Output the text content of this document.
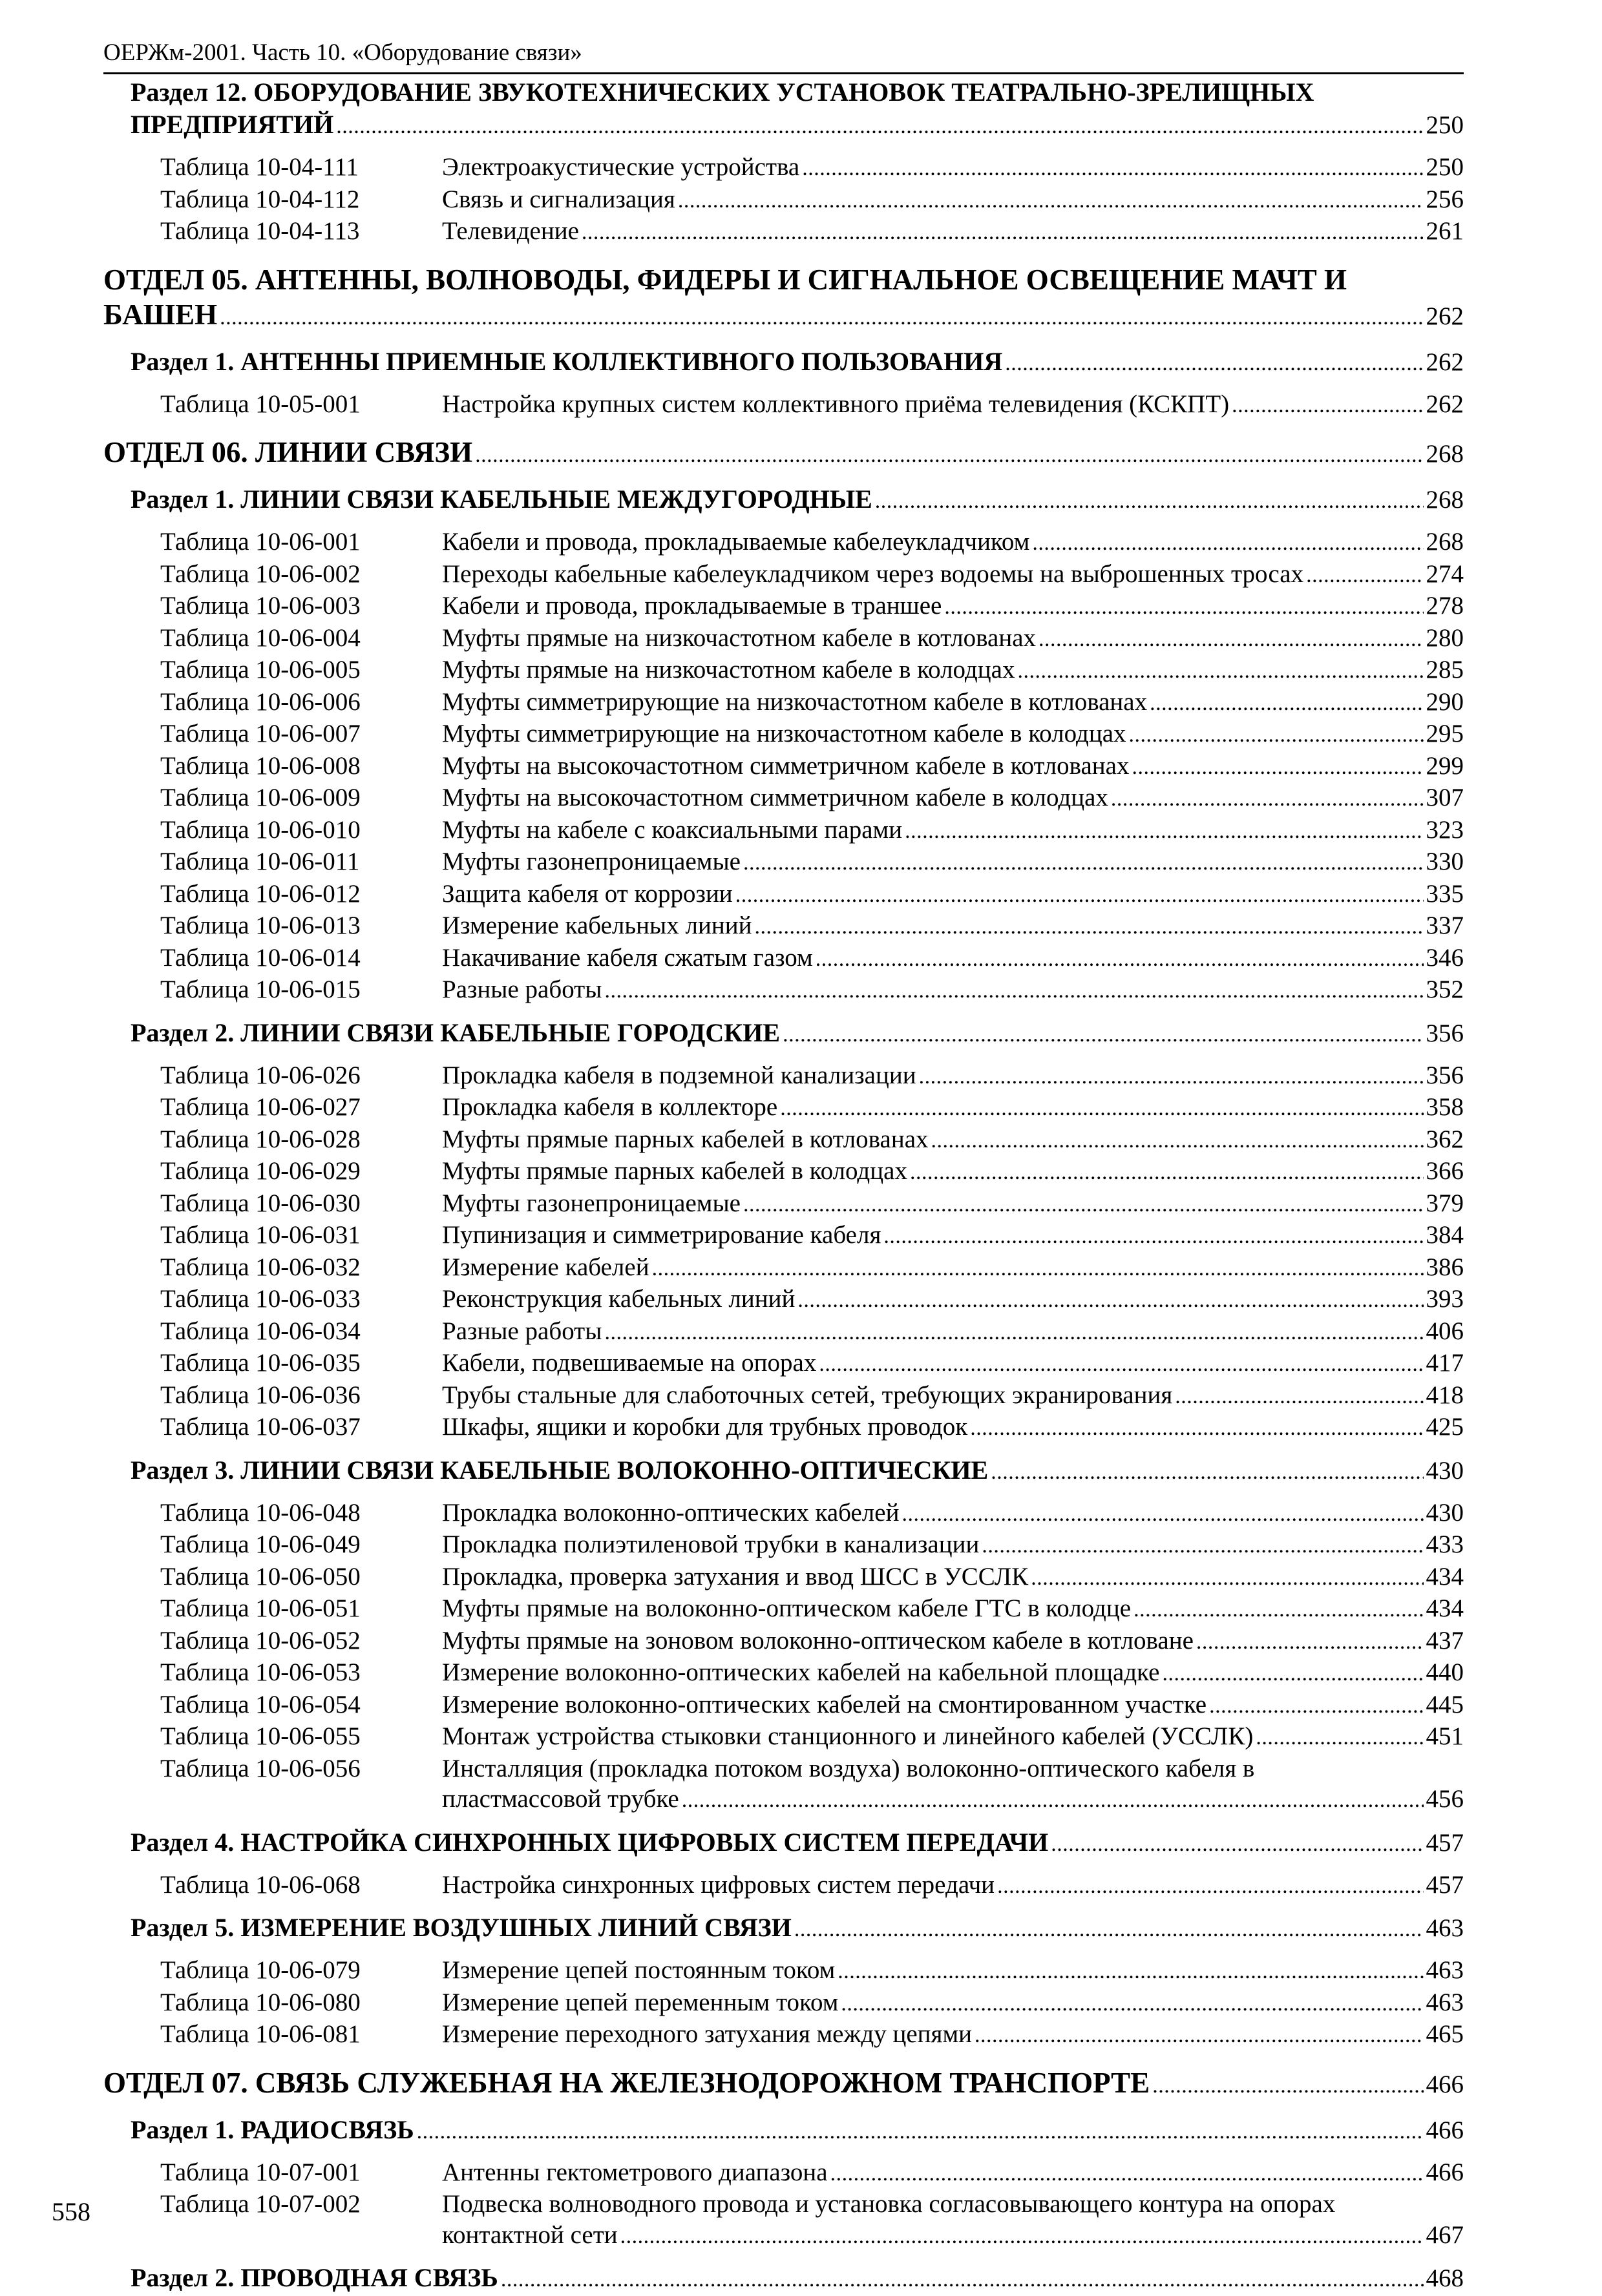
ОЕРЖм-2001. Часть 10. «Оборудование связи»
Раздел 12. ОБОРУДОВАНИЕ ЗВУКОТЕХНИЧЕСКИХ УСТАНОВОК ТЕАТРАЛЬНО-ЗРЕЛИЩНЫХ
ПРЕДПРИЯТИЙ . . .	250
Таблица 10-04-111	Электроакустические устройства . . .	250
Таблица 10-04-112	Связь и сигнализация . . .	256
Таблица 10-04-113	Телевидение . . .	261
ОТДЕЛ 05. АНТЕННЫ, ВОЛНОВОДЫ, ФИДЕРЫ И СИГНАЛЬНОЕ ОСВЕЩЕНИЕ МАЧТ И
БАШЕН . . .	262
Раздел 1. АНТЕННЫ ПРИЕМНЫЕ КОЛЛЕКТИВНОГО ПОЛЬЗОВАНИЯ . . .	262
Таблица 10-05-001	Настройка крупных систем коллективного приёма телевидения (КСКПТ) . . .	262
ОТДЕЛ 06. ЛИНИИ СВЯЗИ . . .	268
Раздел 1. ЛИНИИ СВЯЗИ КАБЕЛЬНЫЕ МЕЖДУГОРОДНЫЕ . . .	268
Таблица 10-06-001	Кабели и провода, прокладываемые кабелеукладчиком . . .	268
Таблица 10-06-002	Переходы кабельные кабелеукладчиком через водоемы на выброшенных тросах . . .	274
Таблица 10-06-003	Кабели и провода, прокладываемые в траншее . . .	278
Таблица 10-06-004	Муфты прямые на низкочастотном кабеле в котлованах . . .	280
Таблица 10-06-005	Муфты прямые на низкочастотном кабеле в колодцах . . .	285
Таблица 10-06-006	Муфты симметрирующие на низкочастотном кабеле в котлованах . . .	290
Таблица 10-06-007	Муфты симметрирующие на низкочастотном кабеле в колодцах . . .	295
Таблица 10-06-008	Муфты на высокочастотном симметричном кабеле в котлованах . . .	299
Таблица 10-06-009	Муфты на высокочастотном симметричном кабеле в колодцах . . .	307
Таблица 10-06-010	Муфты на кабеле с коаксиальными парами . . .	323
Таблица 10-06-011	Муфты газонепроницаемые . . .	330
Таблица 10-06-012	Защита кабеля от коррозии . . .	335
Таблица 10-06-013	Измерение кабельных линий . . .	337
Таблица 10-06-014	Накачивание кабеля сжатым газом . . .	346
Таблица 10-06-015	Разные работы . . .	352
Раздел 2. ЛИНИИ СВЯЗИ КАБЕЛЬНЫЕ ГОРОДСКИЕ . . .	356
Таблица 10-06-026	Прокладка кабеля в подземной канализации . . .	356
Таблица 10-06-027	Прокладка кабеля в коллекторе . . .	358
Таблица 10-06-028	Муфты прямые парных кабелей в котлованах . . .	362
Таблица 10-06-029	Муфты прямые парных кабелей в колодцах . . .	366
Таблица 10-06-030	Муфты газонепроницаемые . . .	379
Таблица 10-06-031	Пупинизация и симметрирование кабеля . . .	384
Таблица 10-06-032	Измерение кабелей . . .	386
Таблица 10-06-033	Реконструкция кабельных линий . . .	393
Таблица 10-06-034	Разные работы . . .	406
Таблица 10-06-035	Кабели, подвешиваемые на опорах . . .	417
Таблица 10-06-036	Трубы стальные для слаботочных сетей, требующих экранирования . . .	418
Таблица 10-06-037	Шкафы, ящики и коробки для трубных проводок . . .	425
Раздел 3. ЛИНИИ СВЯЗИ КАБЕЛЬНЫЕ ВОЛОКОННО-ОПТИЧЕСКИЕ . . .	430
Таблица 10-06-048	Прокладка волоконно-оптических кабелей . . .	430
Таблица 10-06-049	Прокладка полиэтиленовой трубки в канализации . . .	433
Таблица 10-06-050	Прокладка, проверка затухания и ввод ШСС в УССЛК . . .	434
Таблица 10-06-051	Муфты прямые на волоконно-оптическом кабеле ГТС в колодце . . .	434
Таблица 10-06-052	Муфты прямые на зоновом волоконно-оптическом кабеле в котловане . . .	437
Таблица 10-06-053	Измерение волоконно-оптических кабелей на кабельной площадке . . .	440
Таблица 10-06-054	Измерение волоконно-оптических кабелей на смонтированном участке . . .	445
Таблица 10-06-055	Монтаж устройства стыковки станционного и линейного кабелей (УССЛК) . . .	451
Таблица 10-06-056	Инсталляция (прокладка потоком воздуха) волоконно-оптического кабеля в
пластмассовой трубке . . .	456
Раздел 4. НАСТРОЙКА СИНХРОННЫХ ЦИФРОВЫХ СИСТЕМ ПЕРЕДАЧИ . . .	457
Таблица 10-06-068	Настройка синхронных цифровых систем передачи . . .	457
Раздел 5. ИЗМЕРЕНИЕ ВОЗДУШНЫХ ЛИНИЙ СВЯЗИ . . .	463
Таблица 10-06-079	Измерение цепей постоянным током . . .	463
Таблица 10-06-080	Измерение цепей переменным током . . .	463
Таблица 10-06-081	Измерение переходного затухания между цепями . . .	465
ОТДЕЛ 07. СВЯЗЬ СЛУЖЕБНАЯ НА ЖЕЛЕЗНОДОРОЖНОМ ТРАНСПОРТЕ . . .	466
Раздел 1. РАДИОСВЯЗЬ . . .	466
Таблица 10-07-001	Антенны гектометрового диапазона . . .	466
Таблица 10-07-002	Подвеска волноводного провода и установка согласовывающего контура на опорах
контактной сети . . .	467
Раздел 2. ПРОВОДНАЯ СВЯЗЬ . . .	468
558
